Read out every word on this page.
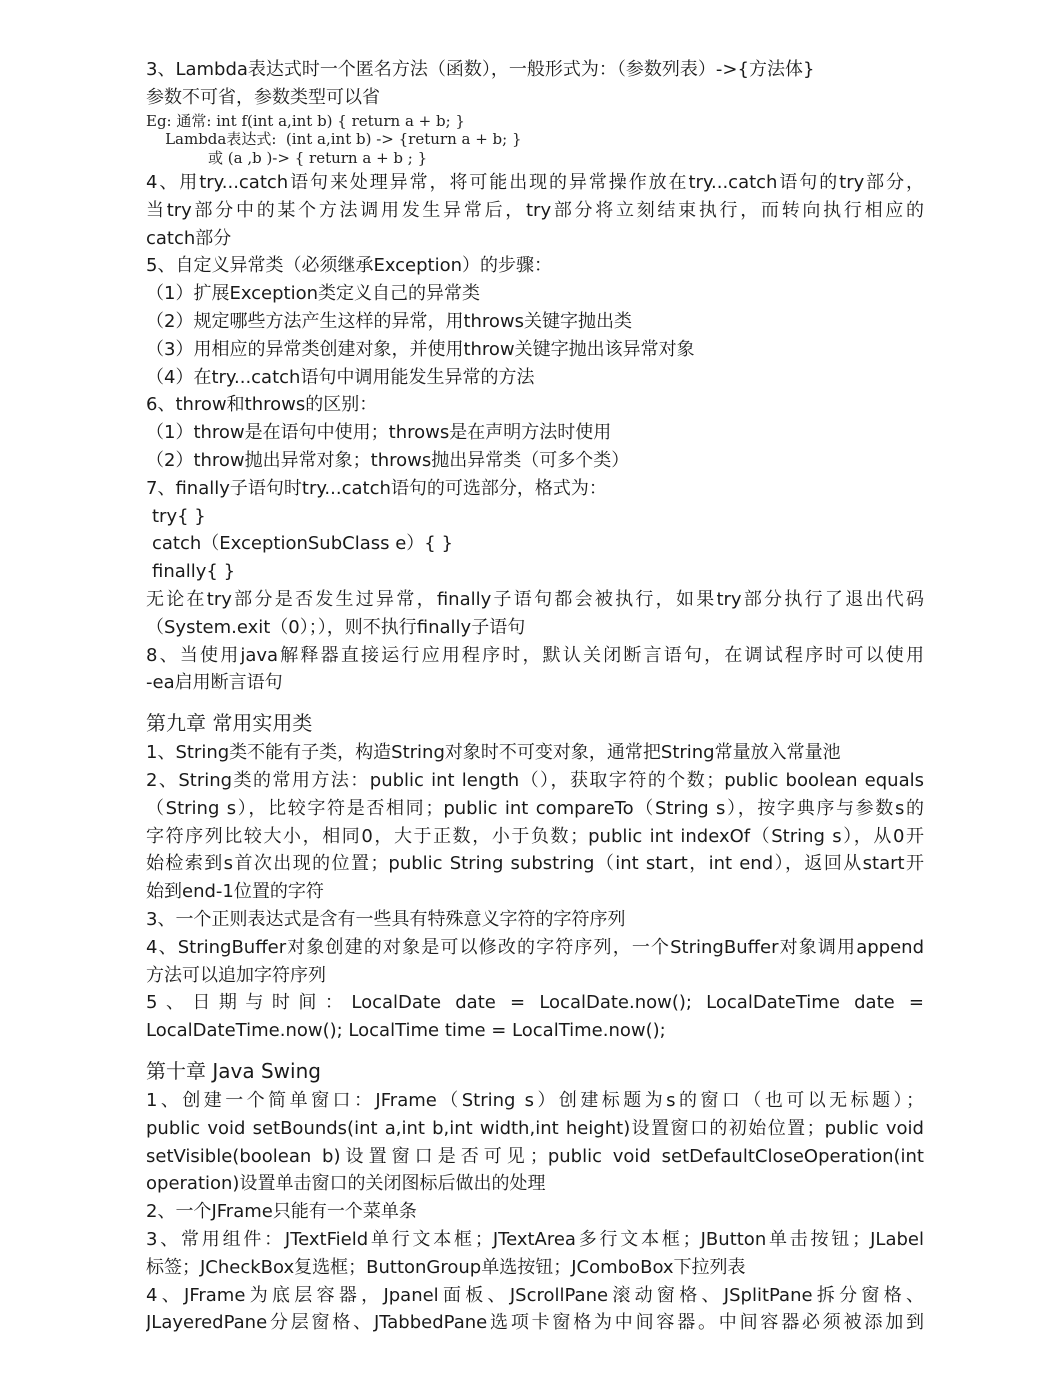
3、Lambda表达式时一个匿名方法（函数），一般形式为：（参数列表）->{方法体}
参数不可省，参数类型可以省
Eg: 通常: int f(int a,int b) { return a + b; }
Lambda表达式:  (int a,int b) -> {return a + b; }
或 (a ,b )-> { return a + b ; }
4、用try...catch语句来处理异常，将可能出现的异常操作放在try...catch语句的try部分，
当try部分中的某个方法调用发生异常后，try部分将立刻结束执行，而转向执行相应的
catch部分
5、自定义异常类（必须继承Exception）的步骤：
（1）扩展Exception类定义自己的异常类
（2）规定哪些方法产生这样的异常，用throws关键字抛出类
（3）用相应的异常类创建对象，并使用throw关键字抛出该异常对象
（4）在try...catch语句中调用能发生异常的方法
6、throw和throws的区别：
（1）throw是在语句中使用；throws是在声明方法时使用
（2）throw抛出异常对象；throws抛出异常类（可多个类）
7、finally子语句时try...catch语句的可选部分，格式为：
try{ }
catch（ExceptionSubClass e）{ }
finally{ }
无论在try部分是否发生过异常，finally子语句都会被执行，如果try部分执行了退出代码
（System.exit（0）；），则不执行finally子语句
8、当使用java解释器直接运行应用程序时，默认关闭断言语句，在调试程序时可以使用
-ea启用断言语句
第九章 常用实用类
1、String类不能有子类，构造String对象时不可变对象，通常把String常量放入常量池
2、String类的常用方法：public int length（），获取字符的个数；public boolean equals
（String s），比较字符是否相同；public int compareTo（String s），按字典序与参数s的
字符序列比较大小，相同0，大于正数，小于负数；public int indexOf（String s），从0开
始检索到s首次出现的位置；public String substring（int start，int end），返回从start开
始到end-1位置的字符
3、一个正则表达式是含有一些具有特殊意义字符的字符序列
4、StringBuffer对象创建的对象是可以修改的字符序列，一个StringBuffer对象调用append
方法可以追加字符序列
5、日期与时间：LocalDate date = LocalDate.now(); LocalDateTime date =
LocalDateTime.now(); LocalTime time = LocalTime.now();
第十章 Java Swing
1、创建一个简单窗口：JFrame（String s）创建标题为s的窗口（也可以无标题）；
public void setBounds(int a,int b,int width,int height)设置窗口的初始位置；public void
setVisible(boolean b)设置窗口是否可见；public void setDefaultCloseOperation(int
operation)设置单击窗口的关闭图标后做出的处理
2、一个JFrame只能有一个菜单条
3、常用组件：JTextField单行文本框；JTextArea多行文本框；JButton单击按钮；JLabel
标签；JCheckBox复选框；ButtonGroup单选按钮；JComboBox下拉列表
4、JFrame为底层容器，Jpanel面板、JScrollPane滚动窗格、JSplitPane拆分窗格、
JLayeredPane分层窗格、JTabbedPane选项卡窗格为中间容器。中间容器必须被添加到
